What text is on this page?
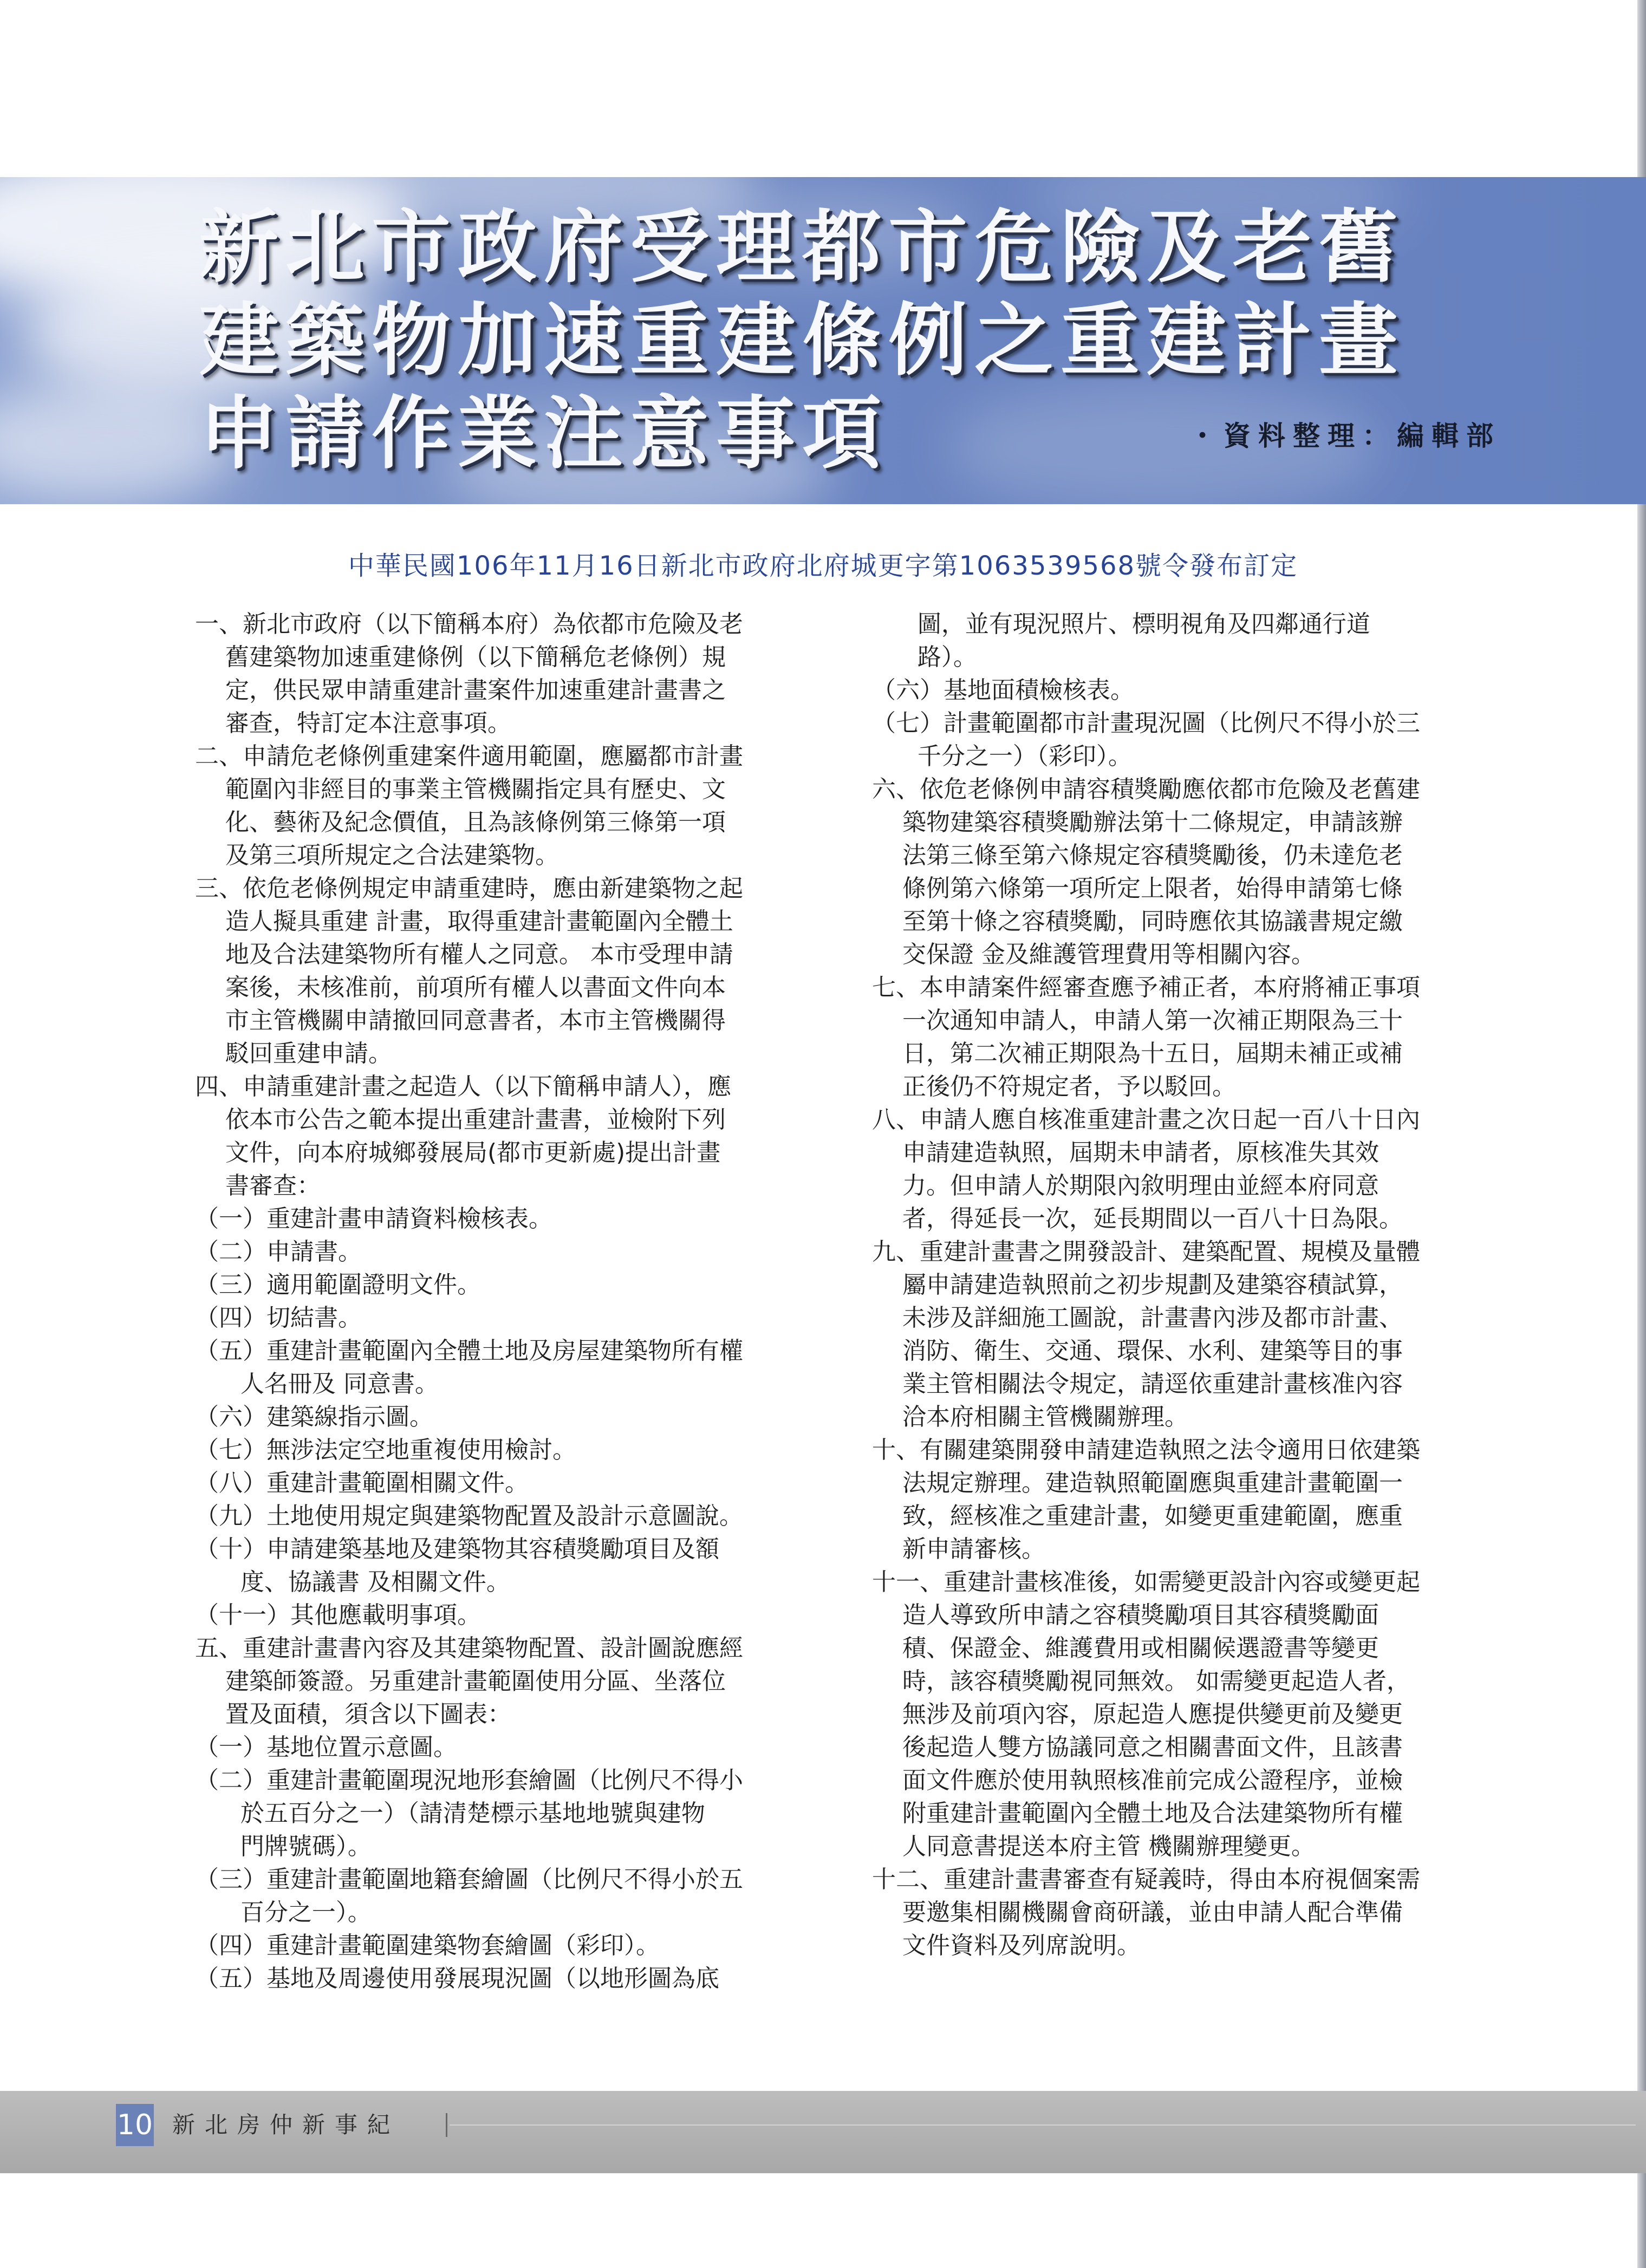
新北市政府受理都市危險及老舊
建築物加速重建條例之重建計畫
申請作業注意事項	・資料整理：編輯部
中華民國106年11月16日新北市政府北府城更字第1063539568號令發布訂定
一、新北市政府（以下簡稱本府）為依都市危險及老
舊建築物加速重建條例（以下簡稱危老條例）規
定，供民眾申請重建計畫案件加速重建計畫書之
審查，特訂定本注意事項。
二、申請危老條例重建案件適用範圍，應屬都市計畫
範圍內非經目的事業主管機關指定具有歷史、文
化、藝術及紀念價值，且為該條例第三條第一項
及第三項所規定之合法建築物。
三、依危老條例規定申請重建時，應由新建築物之起
造人擬具重建 計畫，取得重建計畫範圍內全體土
地及合法建築物所有權人之同意。 本市受理申請
案後，未核准前，前項所有權人以書面文件向本
市主管機關申請撤回同意書者，本市主管機關得
駁回重建申請。
四、申請重建計畫之起造人（以下簡稱申請人），應
依本市公告之範本提出重建計畫書，並檢附下列
文件，向本府城鄉發展局(都市更新處)提出計畫
書審查：
（一）重建計畫申請資料檢核表。
（二）申請書。
（三）適用範圍證明文件。
（四）切結書。
（五）重建計畫範圍內全體土地及房屋建築物所有權
人名冊及 同意書。
（六）建築線指示圖。
（七）無涉法定空地重複使用檢討。
（八）重建計畫範圍相關文件。
（九）土地使用規定與建築物配置及設計示意圖說。
（十）申請建築基地及建築物其容積獎勵項目及額
度、協議書 及相關文件。
（十一）其他應載明事項。
五、重建計畫書內容及其建築物配置、設計圖說應經
建築師簽證。另重建計畫範圍使用分區、坐落位
置及面積，須含以下圖表：
（一）基地位置示意圖。
（二）重建計畫範圍現況地形套繪圖（比例尺不得小
於五百分之一）（請清楚標示基地地號與建物
門牌號碼）。
（三）重建計畫範圍地籍套繪圖（比例尺不得小於五
百分之一）。
（四）重建計畫範圍建築物套繪圖（彩印）。
（五）基地及周邊使用發展現況圖（以地形圖為底
圖，並有現況照片、標明視角及四鄰通行道
路）。
（六）基地面積檢核表。
（七）計畫範圍都市計畫現況圖（比例尺不得小於三
千分之一）（彩印）。
六、依危老條例申請容積獎勵應依都市危險及老舊建
築物建築容積獎勵辦法第十二條規定，申請該辦
法第三條至第六條規定容積獎勵後，仍未達危老
條例第六條第一項所定上限者，始得申請第七條
至第十條之容積獎勵，同時應依其協議書規定繳
交保證 金及維護管理費用等相關內容。
七、本申請案件經審查應予補正者，本府將補正事項
一次通知申請人，申請人第一次補正期限為三十
日，第二次補正期限為十五日，屆期未補正或補
正後仍不符規定者，予以駁回。
八、申請人應自核准重建計畫之次日起一百八十日內
申請建造執照，屆期未申請者，原核准失其效
力。但申請人於期限內敘明理由並經本府同意
者，得延長一次，延長期間以一百八十日為限。
九、重建計畫書之開發設計、建築配置、規模及量體
屬申請建造執照前之初步規劃及建築容積試算，
未涉及詳細施工圖說，計畫書內涉及都市計畫、
消防、衛生、交通、環保、水利、建築等目的事
業主管相關法令規定，請逕依重建計畫核准內容
洽本府相關主管機關辦理。
十、有關建築開發申請建造執照之法令適用日依建築
法規定辦理。建造執照範圍應與重建計畫範圍一
致，經核准之重建計畫，如變更重建範圍，應重
新申請審核。
十一、重建計畫核准後，如需變更設計內容或變更起
造人導致所申請之容積獎勵項目其容積獎勵面
積、保證金、維護費用或相關候選證書等變更
時，該容積獎勵視同無效。 如需變更起造人者，
無涉及前項內容，原起造人應提供變更前及變更
後起造人雙方協議同意之相關書面文件，且該書
面文件應於使用執照核准前完成公證程序，並檢
附重建計畫範圍內全體土地及合法建築物所有權
人同意書提送本府主管 機關辦理變更。
十二、重建計畫書審查有疑義時，得由本府視個案需
要邀集相關機關會商研議，並由申請人配合準備
文件資料及列席說明。
10 新北房仲新事紀
